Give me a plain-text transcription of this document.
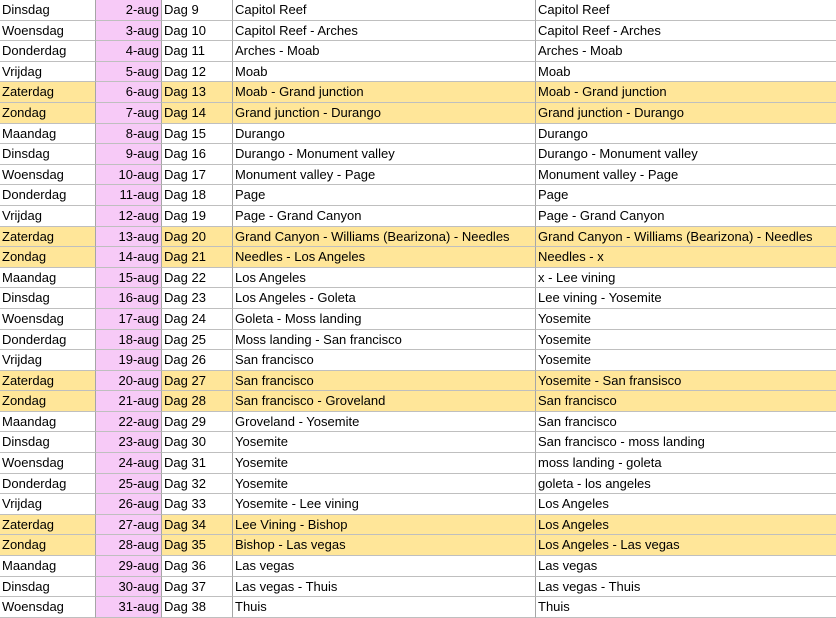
Dinsdag	2-aug Dag 9	Capitol Reef	Capitol Reef
Woensdag	3-aug Dag 10	Capitol Reef - Arches	Capitol Reef - Arches
Donderdag	4-aug Dag 11	Arches - Moab	Arches - Moab
Vrijdag	5-aug Dag 12	Moab	Moab
Zaterdag	6-aug Dag 13	Moab - Grand junction	Moab - Grand junction
Zondag	7-aug Dag 14	Grand junction - Durango	Grand junction - Durango
Maandag	8-aug Dag 15	Durango	Durango
Dinsdag	9-aug Dag 16	Durango - Monument valley	Durango - Monument valley
Woensdag	10-aug Dag 17	Monument valley - Page	Monument valley - Page
Donderdag	11-aug Dag 18	Page	Page
Vrijdag	12-aug Dag 19	Page - Grand Canyon	Page - Grand Canyon
Zaterdag	13-aug Dag 20	Grand Canyon - Williams (Bearizona) - Needles	Grand Canyon - Williams (Bearizona) - Needles
Zondag	14-aug Dag 21	Needles - Los Angeles	Needles - x
Maandag	15-aug Dag 22	Los Angeles	x - Lee vining
Dinsdag	16-aug Dag 23	Los Angeles - Goleta	Lee vining - Yosemite
Woensdag	17-aug Dag 24	Goleta - Moss landing	Yosemite
Donderdag	18-aug Dag 25	Moss landing - San francisco	Yosemite
Vrijdag	19-aug Dag 26	San francisco	Yosemite
Zaterdag	20-aug Dag 27	San francisco	Yosemite - San fransisco
Zondag	21-aug Dag 28	San francisco - Groveland	San francisco
Maandag	22-aug Dag 29	Groveland - Yosemite	San francisco
Dinsdag	23-aug Dag 30	Yosemite	San francisco - moss landing
Woensdag	24-aug Dag 31	Yosemite	moss landing - goleta
Donderdag	25-aug Dag 32	Yosemite	goleta - los angeles
Vrijdag	26-aug Dag 33	Yosemite - Lee vining	Los Angeles
Zaterdag	27-aug Dag 34	Lee Vining - Bishop	Los Angeles
Zondag	28-aug Dag 35	Bishop - Las vegas	Los Angeles - Las vegas
Maandag	29-aug Dag 36	Las vegas	Las vegas
Dinsdag	30-aug Dag 37	Las vegas - Thuis	Las vegas - Thuis
Woensdag	31-aug Dag 38	Thuis	Thuis
